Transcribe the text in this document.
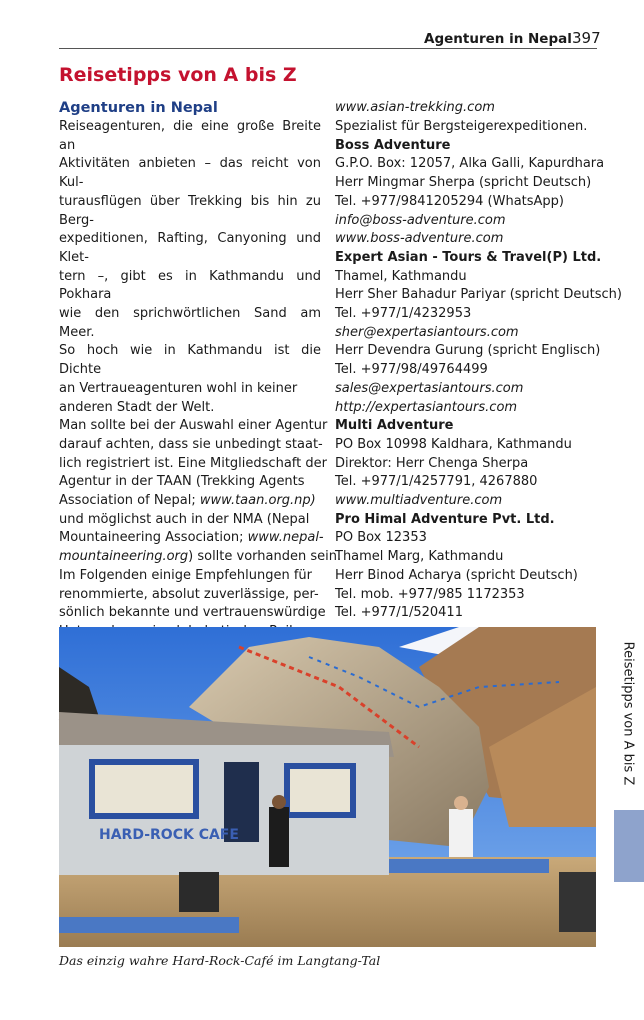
Agenturen in Nepal 397
Reisetipps von A bis Z
Agenturen in Nepal

Reiseagenturen, die eine große Breite an
Aktivitäten anbieten – das reicht von Kul-
turausflügen über Trekking bis hin zu Berg-
expeditionen, Rafting, Canyoning und Klet-
tern –, gibt es in Kathmandu und Pokhara
wie den sprichwörtlichen Sand am Meer.
So hoch wie in Kathmandu ist die Dichte
an Vertraueagenturen wohl in keiner
anderen Stadt der Welt.

Man sollte bei der Auswahl einer Agentur
darauf achten, dass sie unbedingt staat-
lich registriert ist. Eine Mitgliedschaft der
Agentur in der TAAN (Trekking Agents
Association of Nepal; www.taan.org.np)
und möglichst auch in der NMA (Nepal
Mountaineering Association; www.nepal-
mountaineering.org) sollte vorhanden sein.
Im Folgenden einige Empfehlungen für
renommierte, absolut zuverlässige, per-
sönlich bekannte und vertrauenswürdige

www.asian-trekking.com
Spezialist für Bergsteigerexpeditionen.
Boss Adventure
G.P.O. Box: 12057, Alka Galli, Kapurdhara
Herr Mingmar Sherpa (spricht Deutsch)
Tel. +977/9841205294 (WhatsApp)
info@boss-adventure.com
www.boss-adventure.com
Expert Asian - Tours & Travel(P) Ltd.
Thamel, Kathmandu
Herr Sher Bahadur Pariyar (spricht Deutsch)
Tel. +977/1/4232953
sher@expertasiantours.com
Herr Devendra Gurung (spricht Englisch)
Tel. +977/98/49764499
sales@expertasiantours.com
http://expertasiantours.com
Multi Adventure
PO Box 10998 Kaldhara, Kathmandu
Direktor: Herr Chenga Sherpa
Tel. +977/1/4257791, 4267880
www.multiadventure.com
Pro Himal Adventure Pvt. Ltd.
PO Box 12353
Thamel Marg, Kathmandu
Herr Binod Acharya (spricht Deutsch)
Tel. mob. +977/985 1172353
Tel. +977/1/520411
HARD-ROCK CAFE
Das einzig wahre Hard-Rock-Café im Langtang-Tal
Reisetipps von A bis Z
